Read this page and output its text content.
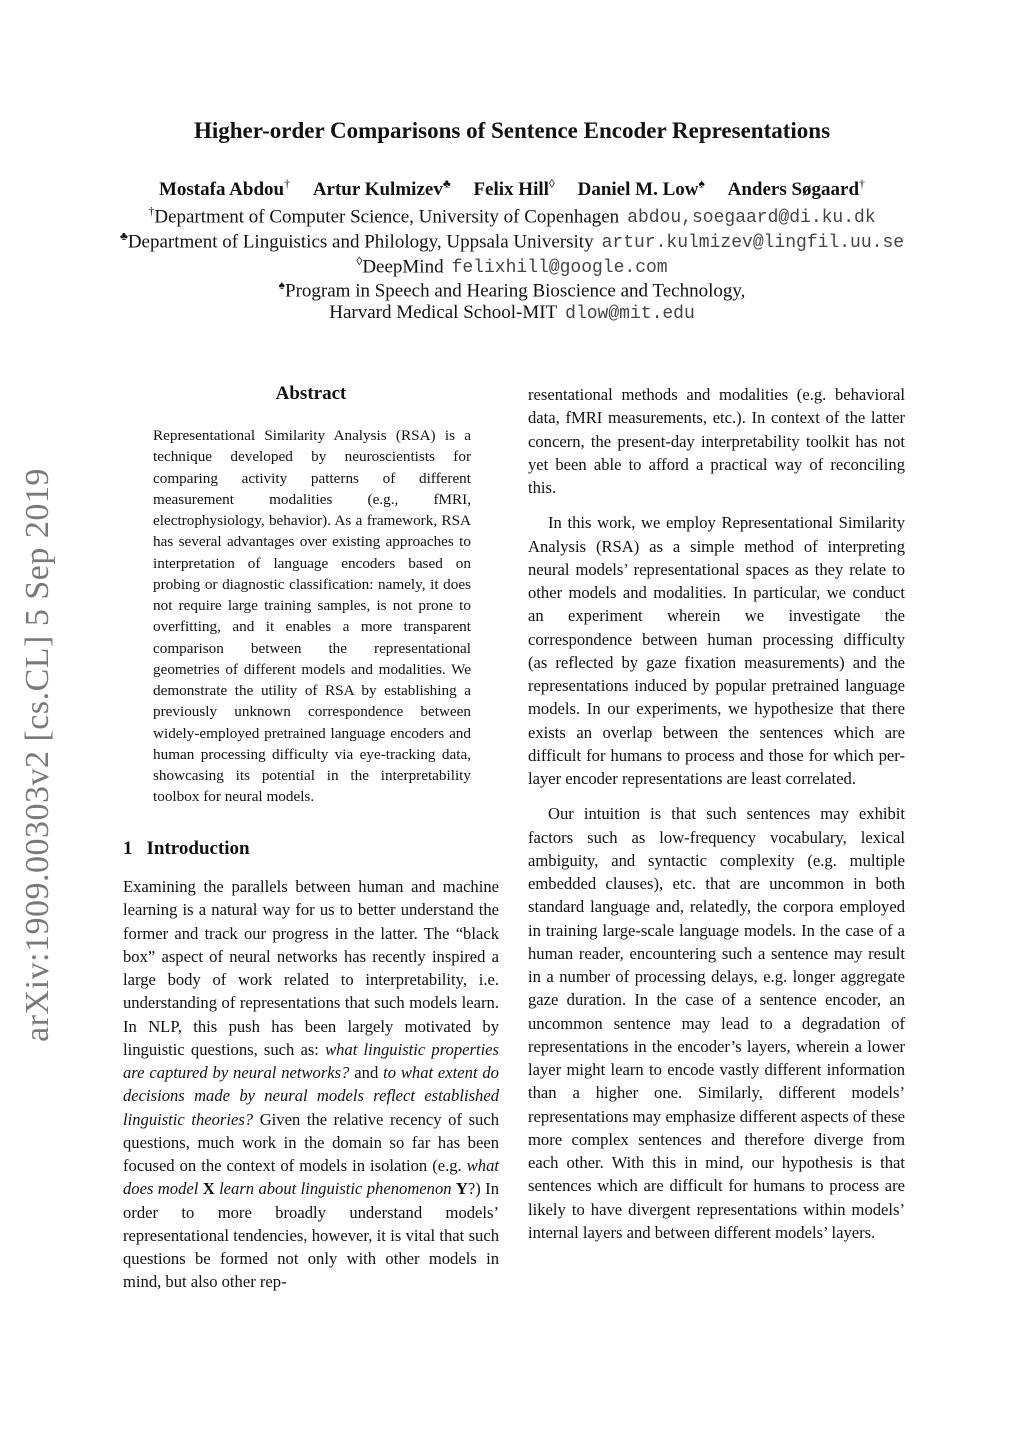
arXiv:1909.00303v2 [cs.CL] 5 Sep 2019
Higher-order Comparisons of Sentence Encoder Representations
Mostafa Abdou† Artur Kulmizev♣ Felix Hill◊ Daniel M. Low♠ Anders Søgaard†
†Department of Computer Science, University of Copenhagen abdou,soegaard@di.ku.dk
♣Department of Linguistics and Philology, Uppsala University artur.kulmizev@lingfil.uu.se
◊DeepMind felixhill@google.com
♠Program in Speech and Hearing Bioscience and Technology,
Harvard Medical School-MIT dlow@mit.edu
Abstract
Representational Similarity Analysis (RSA) is a technique developed by neuroscientists for comparing activity patterns of different measurement modalities (e.g., fMRI, electrophysiology, behavior). As a framework, RSA has several advantages over existing approaches to interpretation of language encoders based on probing or diagnostic classification: namely, it does not require large training samples, is not prone to overfitting, and it enables a more transparent comparison between the representational geometries of different models and modalities. We demonstrate the utility of RSA by establishing a previously unknown correspondence between widely-employed pretrained language encoders and human processing difficulty via eye-tracking data, showcasing its potential in the interpretability toolbox for neural models.
1 Introduction
Examining the parallels between human and machine learning is a natural way for us to better understand the former and track our progress in the latter. The “black box” aspect of neural networks has recently inspired a large body of work related to interpretability, i.e. understanding of representations that such models learn. In NLP, this push has been largely motivated by linguistic questions, such as: what linguistic properties are captured by neural networks? and to what extent do decisions made by neural models reflect established linguistic theories? Given the relative recency of such questions, much work in the domain so far has been focused on the context of models in isolation (e.g. what does model X learn about linguistic phenomenon Y?) In order to more broadly understand models’ representational tendencies, however, it is vital that such questions be formed not only with other models in mind, but also other rep-

resentational methods and modalities (e.g. behavioral data, fMRI measurements, etc.). In context of the latter concern, the present-day interpretability toolkit has not yet been able to afford a practical way of reconciling this.

In this work, we employ Representational Similarity Analysis (RSA) as a simple method of interpreting neural models’ representational spaces as they relate to other models and modalities. In particular, we conduct an experiment wherein we investigate the correspondence between human processing difficulty (as reflected by gaze fixation measurements) and the representations induced by popular pretrained language models. In our experiments, we hypothesize that there exists an overlap between the sentences which are difficult for humans to process and those for which per-layer encoder representations are least correlated.

Our intuition is that such sentences may exhibit factors such as low-frequency vocabulary, lexical ambiguity, and syntactic complexity (e.g. multiple embedded clauses), etc. that are uncommon in both standard language and, relatedly, the corpora employed in training large-scale language models. In the case of a human reader, encountering such a sentence may result in a number of processing delays, e.g. longer aggregate gaze duration. In the case of a sentence encoder, an uncommon sentence may lead to a degradation of representations in the encoder’s layers, wherein a lower layer might learn to encode vastly different information than a higher one. Similarly, different models’ representations may emphasize different aspects of these more complex sentences and therefore diverge from each other. With this in mind, our hypothesis is that sentences which are difficult for humans to process are likely to have divergent representations within models’ internal layers and between different models’ layers.
